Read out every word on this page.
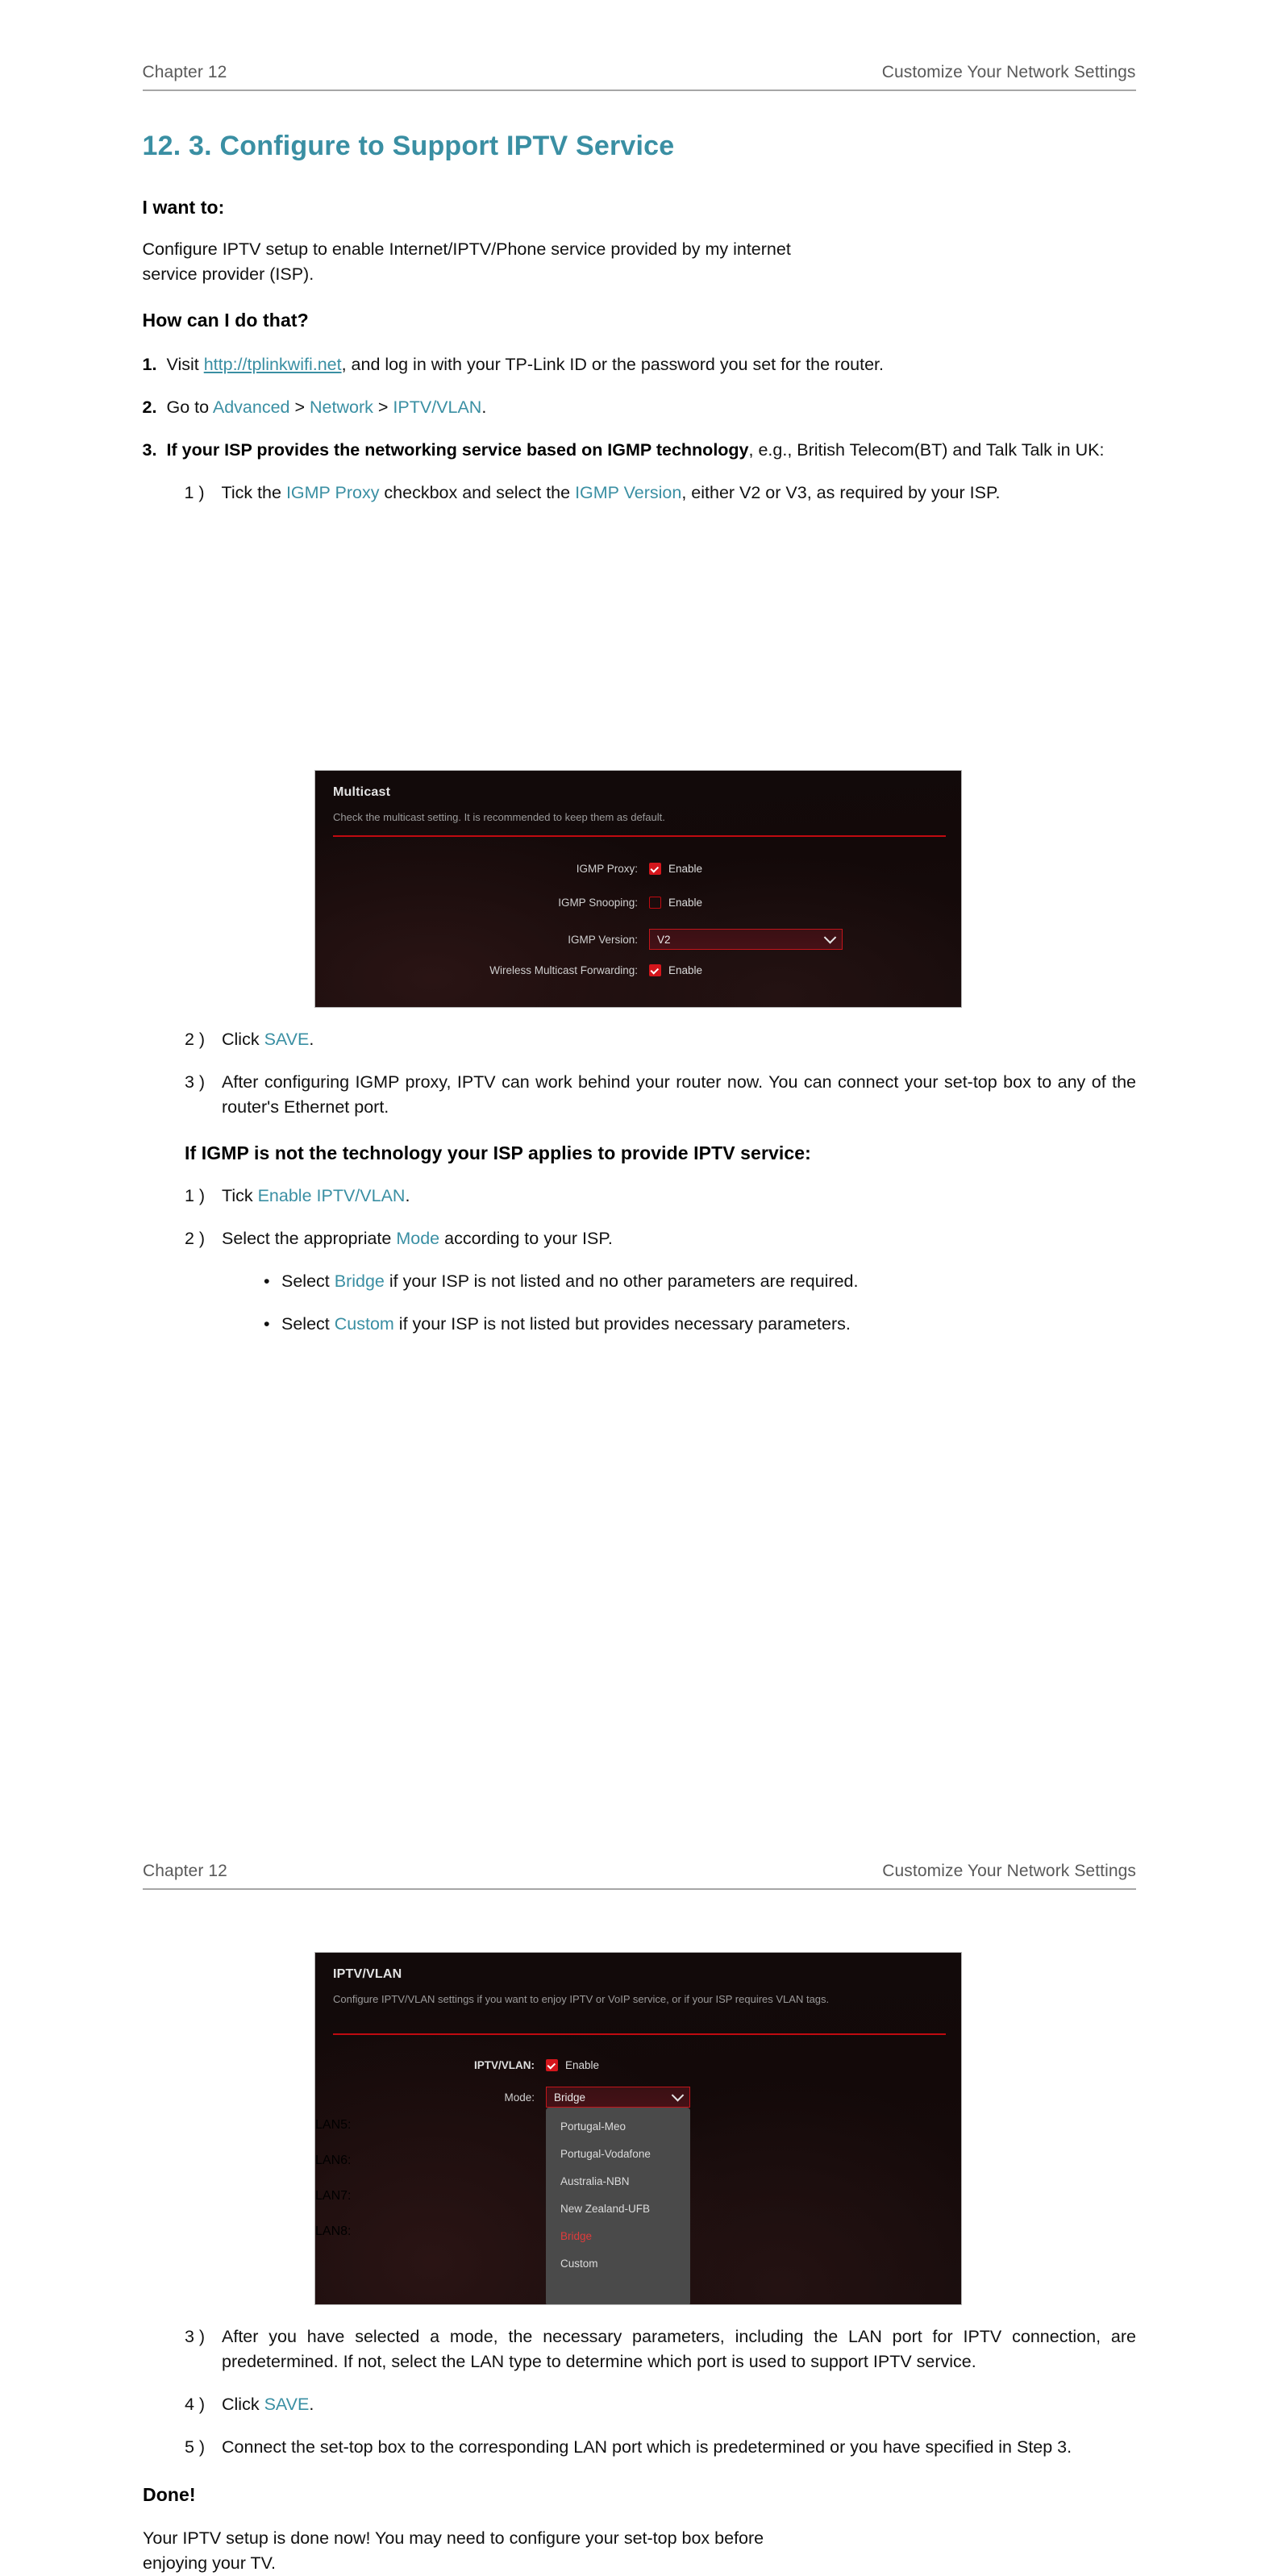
Chapter 12	Customize Your Network Settings
12. 3. Configure to Support IPTV Service
I want to:

Configure IPTV setup to enable Internet/IPTV/Phone service provided by my internet

service provider (ISP).

How can I do that?
1. Visit http://tplinkwifi.net, and log in with your TP-Link ID or the password you set for the router.
2. Go to Advanced > Network > IPTV/VLAN.
3. If your ISP provides the networking service based on IGMP technology, e.g., British Telecom(BT) and Talk Talk in UK:
1 ) Tick the IGMP Proxy checkbox and select the IGMP Version, either V2 or V3, as required by your ISP.
Multicast
Check the multicast setting. It is recommended to keep them as default.
IGMP Proxy:	Enable
IGMP Snooping:	Enable
IGMP Version: V2
Wireless Multicast Forwarding:	Enable
2 ) Click SAVE.
3 ) After configuring IGMP proxy, IPTV can work behind your router now. You can connect your set-top box to any of the router's Ethernet port.
If IGMP is not the technology your ISP applies to provide IPTV service:
1 ) Tick Enable IPTV/VLAN.
2 ) Select the appropriate Mode according to your ISP.
• Select Bridge if your ISP is not listed and no other parameters are required.
• Select Custom if your ISP is not listed but provides necessary parameters.
Chapter 12	Customize Your Network Settings
IPTV/VLAN
Configure IPTV/VLAN settings if you want to enjoy IPTV or VoIP service, or if your ISP requires VLAN tags.
IPTV/VLAN:	Enable
Mode: Bridge
LAN5:
LAN6:
LAN7:
LAN8:
Portugal-Meo
Portugal-Vodafone
Australia-NBN
New Zealand-UFB
Bridge
Custom
3 ) After you have selected a mode, the necessary parameters, including the LAN port for IPTV connection, are predetermined. If not, select the LAN type to determine which port is used to support IPTV service.
4 ) Click SAVE.
5 ) Connect the set-top box to the corresponding LAN port which is predetermined or you have specified in Step 3.
Done!

Your IPTV setup is done now! You may need to configure your set-top box before

enjoying your TV.
